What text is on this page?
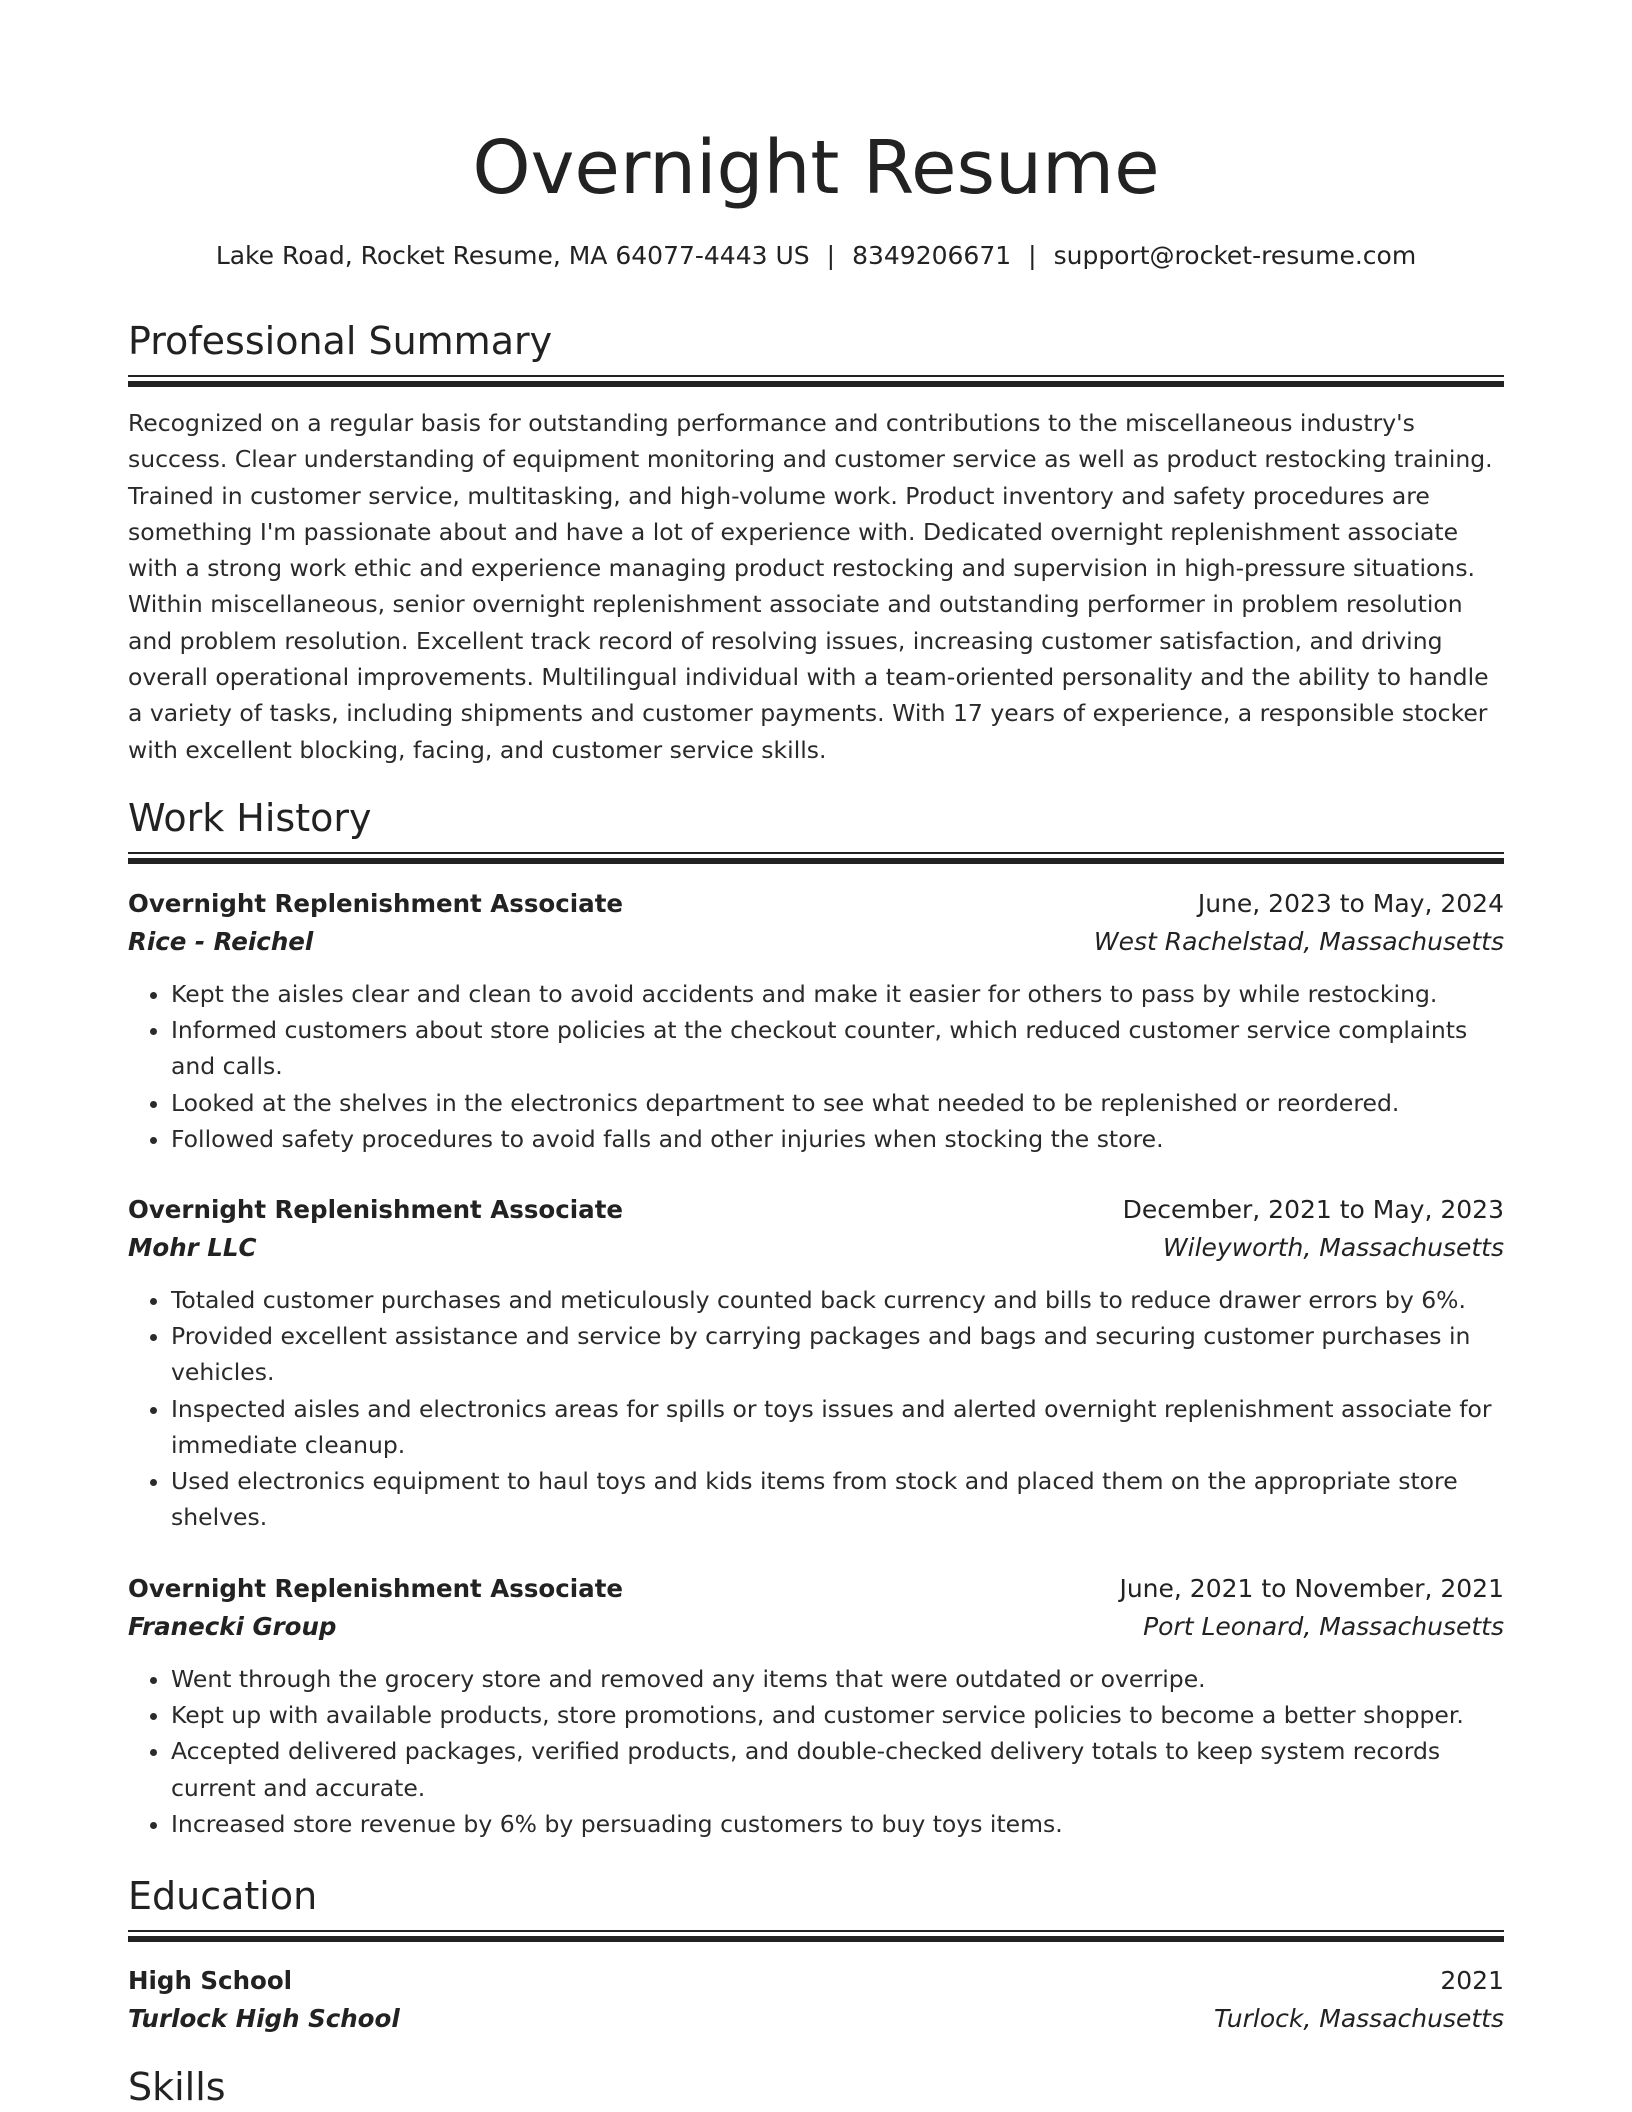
Overnight Resume
Lake Road, Rocket Resume, MA 64077-4443 US | 8349206671 | support@rocket-resume.com
Professional Summary

Recognized on a regular basis for outstanding performance and contributions to the miscellaneous industry's success. Clear understanding of equipment monitoring and customer service as well as product restocking training. Trained in customer service, multitasking, and high-volume work. Product inventory and safety procedures are something I'm passionate about and have a lot of experience with. Dedicated overnight replenishment associate with a strong work ethic and experience managing product restocking and supervision in high-pressure situations. Within miscellaneous, senior overnight replenishment associate and outstanding performer in problem resolution and problem resolution. Excellent track record of resolving issues, increasing customer satisfaction, and driving overall operational improvements. Multilingual individual with a team-oriented personality and the ability to handle a variety of tasks, including shipments and customer payments. With 17 years of experience, a responsible stocker with excellent blocking, facing, and customer service skills.

Work History
Overnight Replenishment Associate	June, 2023 to May, 2024
Rice - Reichel	West Rachelstad, Massachusetts
• Kept the aisles clear and clean to avoid accidents and make it easier for others to pass by while restocking.
• Informed customers about store policies at the checkout counter, which reduced customer service complaints and calls.
• Looked at the shelves in the electronics department to see what needed to be replenished or reordered.
• Followed safety procedures to avoid falls and other injuries when stocking the store.
Overnight Replenishment Associate	December, 2021 to May, 2023
Mohr LLC	Wileyworth, Massachusetts
• Totaled customer purchases and meticulously counted back currency and bills to reduce drawer errors by 6%.
• Provided excellent assistance and service by carrying packages and bags and securing customer purchases in vehicles.
• Inspected aisles and electronics areas for spills or toys issues and alerted overnight replenishment associate for immediate cleanup.
• Used electronics equipment to haul toys and kids items from stock and placed them on the appropriate store shelves.
Overnight Replenishment Associate	June, 2021 to November, 2021
Franecki Group	Port Leonard, Massachusetts
• Went through the grocery store and removed any items that were outdated or overripe.
• Kept up with available products, store promotions, and customer service policies to become a better shopper.
• Accepted delivered packages, verified products, and double-checked delivery totals to keep system records current and accurate.
• Increased store revenue by 6% by persuading customers to buy toys items.
Education
High School	2021
Turlock High School	Turlock, Massachusetts
Skills
